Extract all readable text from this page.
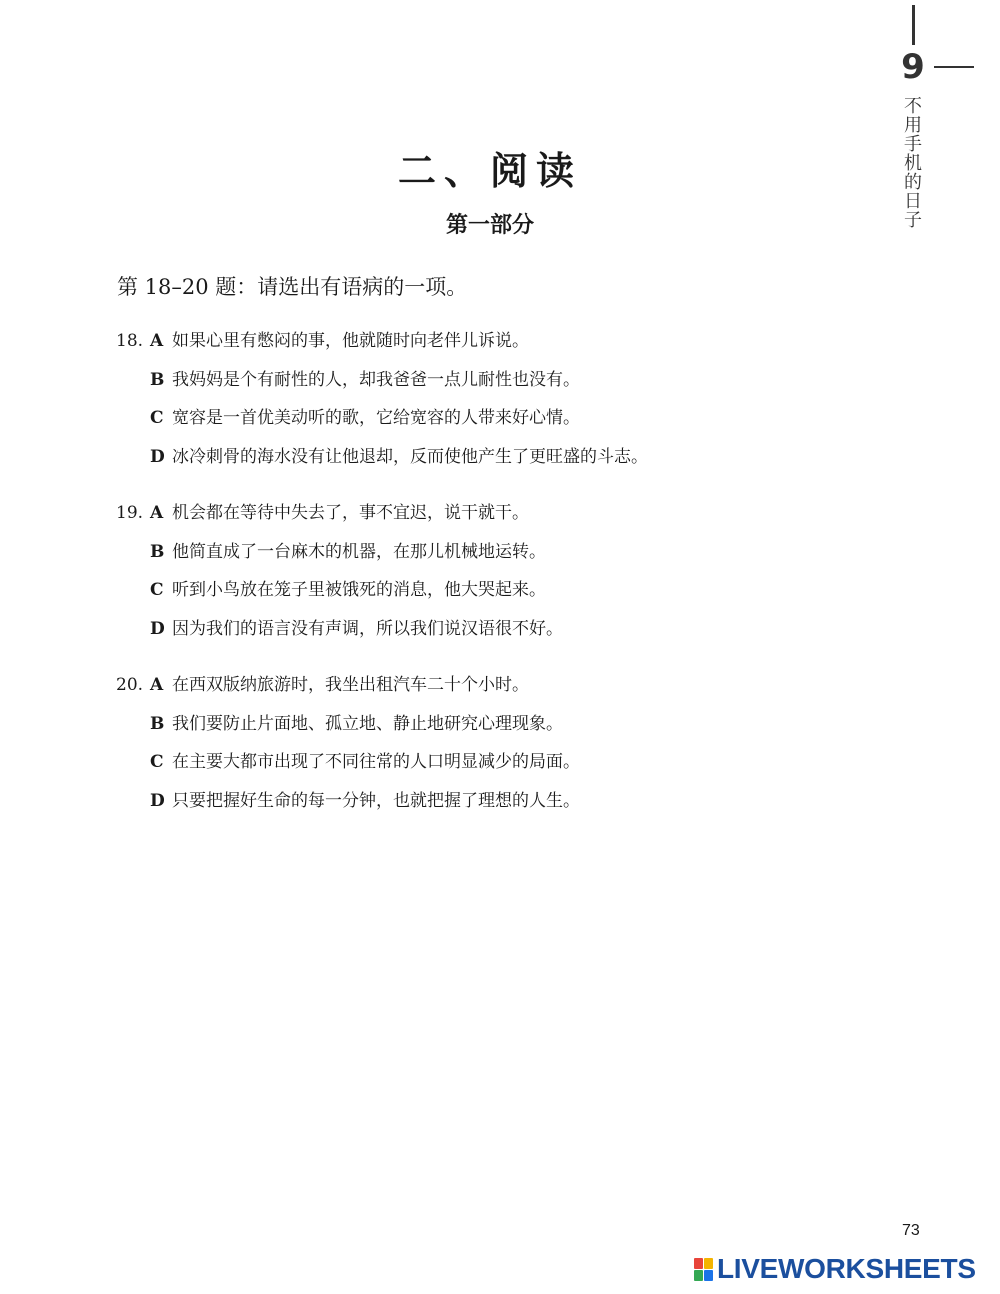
9
不用手机的日子
二、阅读
第一部分
第 18–20 题：请选出有语病的一项。
18. A 如果心里有憋闷的事，他就随时向老伴儿诉说。
B 我妈妈是个有耐性的人，却我爸爸一点儿耐性也没有。
C 宽容是一首优美动听的歌，它给宽容的人带来好心情。
D 冰冷刺骨的海水没有让他退却，反而使他产生了更旺盛的斗志。
19. A 机会都在等待中失去了，事不宜迟，说干就干。
B 他简直成了一台麻木的机器，在那儿机械地运转。
C 听到小鸟放在笼子里被饿死的消息，他大哭起来。
D 因为我们的语言没有声调，所以我们说汉语很不好。
20. A 在西双版纳旅游时，我坐出租汽车二十个小时。
B 我们要防止片面地、孤立地、静止地研究心理现象。
C 在主要大都市出现了不同往常的人口明显减少的局面。
D 只要把握好生命的每一分钟，也就把握了理想的人生。
73
LIVEWORKSHEETS
